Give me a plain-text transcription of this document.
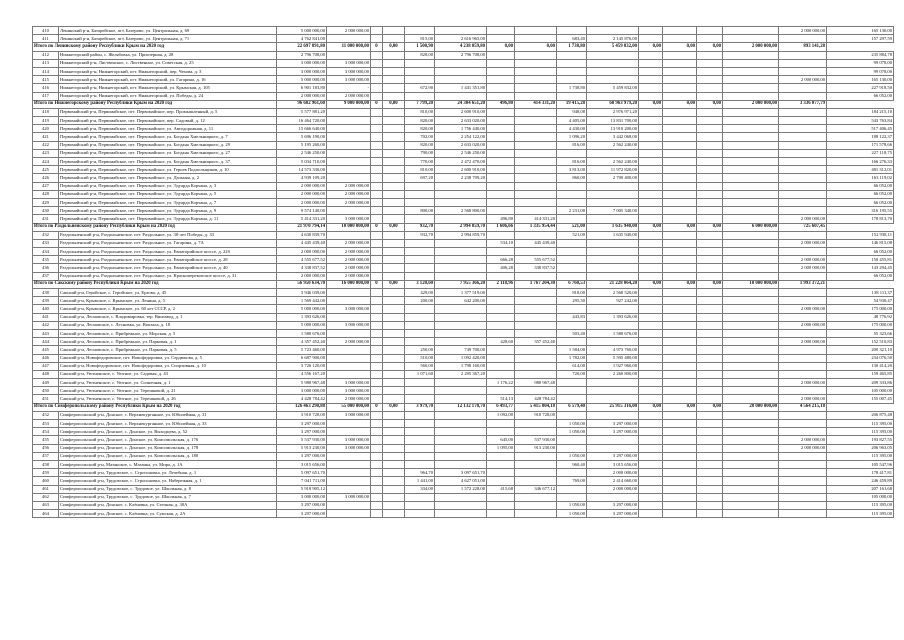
410	Ленинский р-н, Батарейское, пгт. Багерово, ул. Центральная, д. 69	5 000 000,00	2 000 000,00													2 000 000,00	165 130,00
411	Ленинский р-н, Батарейское, пгт. Багерово, ул. Центральная, д. 71	4 762 841,00				815,00	2 616 965,00			683,40	2 145 876,00						157 297,59
Итого по Ленинскому району Республики Крым на 2020 год		22 697 891,80	11 000 000,00	0	0,00	1 500,90	4 238 059,80	0,00	0,00	1 738,80	5 459 832,00	0,00	0,00	0,00	2 000 000,00	893 141,28	
412	Нижнегорский район, с. Желябовка, ул. Приозерная, д. 28	2 796 708,00				828,00	2 796 708,00										235 884,78
413	Нижнегорский р-н, Лиственское, с. Лиственное, ул. Советская, д. 25	3 000 000,00	3 000 000,00														99 078,00
414	Нижнегорский р-н, Нижнегорский, пгт. Нижнегорский, пер. Чехова, д. 3	3 000 000,00	3 000 000,00														99 078,00
415	Нижнегорский р-н, Нижнегорский, пгт. Нижнегорский, ул. Гагарина, д. 16	5 000 000,00	3 000 000,00													2 000 000,00	165 130,00
416	Нижнегорский р-н, Нижнегорский, пгт. Нижнегорский, ул. Крымская, д. 105	6 901 183,80	-			672,90	1 441 351,80			1 738,80	5 459 832,00						227 918,50
417	Нижнегорский р-н, Нижнегорский, пгт. Нижнегорский, ул. Победы, д. 24	2 000 000,00	2 000 000,00														66 052,00
Итого по Нижнегорскому району Республики Крым на 2020 год		96 682 961,60	9 000 000,00	0	0,00	7 799,20	24 304 651,20	496,80	414 331,20	19 415,28	60 963 979,20	0,00	0,00	0,00	2 000 000,00	3 336 077,79	
418	Первомайский р-н, Первомайское, пгт. Первомайское, пер. Промышленный, д. 5	5 577 881,20				810,00	2 600 910,00			948,08	2 976 971,20						184 215,10
419	Первомайский р-н, Первомайское, пгт. Первомайское, пер. Садовый, д. 12	16 464 720,00				820,00	2 633 020,00			4 405,00	13 831 700,00						543 763,84
420	Первомайский р-н, Первомайское, пгт. Первомайское, ул. Автодорожная, д. 11	15 666 640,00				820,00	1 756 440,00			4 430,00	13 910 200,00						517 406,45
421	Первомайский р-н, Первомайское, пгт. Первомайское, ул. Богдана Хмельницкого, д. 7	5 696 190,00				702,00	2 254 122,00			1 096,20	3 442 068,00						188 122,37
422	Первомайский р-н, Первомайское, пгт. Первомайское, ул. Богдана Хмельницкого, д. 29	5 195 260,00				820,00	2 633 020,00			816,00	2 562 240,00						171 578,66
423	Первомайский р-н, Первомайское, пгт. Первомайское, ул. Богдана Хмельницкого, д. 27	2 546 250,00				790,00	2 546 250,00										227 118,75
424	Первомайский р-н, Первомайское, пгт. Первомайское, ул. Богдана Хмельницкого, д. 37	5 034 710,00				770,00	2 472 470,00			816,00	2 562 240,00						166 276,33
425	Первомайский р-н, Первомайское, пгт. Первомайское, ул. Героев Подпольщиков, д. 10	14 573 330,00				810,00	2 600 910,00			3 813,00	11 972 820,00						481 312,01
426	Первомайский р-н, Первомайское, пгт. Первомайское, ул. Дальняя, д. 2	4 939 109,20				697,20	2 238 709,20			860,00	2 700 400,00						163 119,02
427	Первомайский р-н, Первомайское, пгт. Первомайское, ул. Эдуарда Корчана, д. 3	2 000 000,00	2 000 000,00														66 052,00
428	Первомайский р-н, Первомайское, пгт. Первомайское, ул. Эдуарда Корчана, д. 5	2 000 000,00	2 000 000,00														66 052,00
429	Первомайский р-н, Первомайское, пгт. Первомайское, ул. Эдуарда Корчана, д. 7	2 000 000,00	2 000 000,00														66 052,00
430	Первомайский р-н, Первомайское, пгт. Первомайское, ул. Эдуарда Корчана, д. 9	9 574 140,00				800,00	2 568 800,00			2 231,00	7 005 340,00						316 195,55
431	Первомайский р-н, Первомайское, пгт. Первомайское, ул. Эдуарда Корчана, д. 11	5 414 331,20	3 000 000,00					496,80	414 331,20							2 000 000,00	178 813,70
Итого по Раздольненскому району Республики Крым на 2020 год		21 970 794,14	10 000 000,00	0	0,00	932,70	2 994 859,70	1 606,66	1 335 954,44	521,00	1 635 940,00	0,00	0,00	0,00	6 000 000,00	725 607,45	
432	Раздольненский р-н, Раздольненское, пгт. Раздольное, ул. 30-лет Победы, д. 33	4 630 839,70				932,70	2 994 859,70			521,00	1 635 940,00						152 938,11
433	Раздольненский р-н, Раздольненское, пгт. Раздольное, ул. Гагарина, д. 7А	4 445 439,40	2 000 000,00					534,10	445 439,40							2 000 000,00	146 815,08
434	Раздольненский р-н, Раздольненское, пгт. Раздольное, ул. Евпаторийское шоссе, д. 22б	2 000 000,00	2 000 000,00														66 052,00
435	Раздольненский р-н, Раздольненское, пгт. Раздольное, ул. Евпаторийское шоссе, д. 28	4 555 677,52	2 000 000,00					666,28	555 677,52							2 000 000,00	150 455,81
436	Раздольненский р-н, Раздольненское, пгт. Раздольное, ул. Евпаторийское шоссе, д. 40	4 338 837,52	2 000 000,00					406,28	338 837,52							2 000 000,00	143 294,45
437	Раздольненский р-н, Раздольненское, пгт. Раздольное, ул. Красноперекопское шоссе, д. 31	2 000 000,00	2 000 000,00														66 052,00
Итого по Сакскому району Республики Крым на 2020 год		56 950 634,70	16 000 000,00	0	0,00	3 120,60	7 955 366,20	2 118,96	1 767 204,30	6 760,53	21 228 064,20	0,00	0,00	0,00	10 000 000,00	1 993 372,21	
438	Сакский р-н, Геройское, с. Геройское, ул. Ерзова, д. 45	3 946 039,00				429,00	1 377 519,00			818,00	2 568 520,00						138 111,37
439	Сакский р-н, Крымское, с. Крымское, ул. Ленина, д. 5	1 569 442,00				200,00	642 200,00			295,30	927 242,00						54 930,47
440	Сакский р-н, Крымское, с. Крымское, ул. 60 лет СССР, д. 2	5 000 000,00	3 000 000,00													2 000 000,00	175 000,00
441	Сакский р-н, Лесновское, с. Владимировка, тер. Винзавод, д. 1	1 393 626,00								443,83	1 393 626,00						48 776,92
442	Сакский р-н, Лесновское, с. Лесновка, ул. Вокзала, д. 18	5 000 000,00	3 000 000,00													2 000 000,00	175 000,00
443	Сакский р-н, Лесновское, с. Прибрежное, ул. Морская, д. 5	1 580 676,00								503,40	1 580 676,00						55 323,66
444	Сакский р-н, Лесновское, с. Прибрежное, ул. Парковая, д. 1	4 357 452,40	2 000 000,00					428,60	357 452,40							2 000 000,00	152 510,83
445	Сакский р-н, Лесновское, с. Прибрежное, ул. Парковая, д. 5	5 723 460,00				250,00	749 700,00			1 584,00	4 973 760,00						200 321,10
446	Сакский р-н, Новофедоровское, пгт. Новофедоровка, ул. Сердюкова, д. 5	6 687 900,00				510,00	1 092 420,00			1 782,00	5 595 480,00						234 076,50
447	Сакский р-н, Новофедоровское, пгт. Новофедоровка, ул. Спортивная, д. 10	3 726 120,00				560,00	1 798 160,00			614,00	1 927 960,00						130 414,20
448	Сакский р-н, Уютненское, с. Уютное, ул. Садовая, д. 43	4 556 167,20				1 071,60	2 295 367,20			720,00	2 260 800,00						159 465,85
449	Сакский р-н, Уютненское, с. Уютное, ул. Солнечная, д. 1	5 980 967,48	3 000 000,00					1 176,22	980 967,48							2 000 000,00	209 333,86
450	Сакский р-н, Уютненское, с. Уютное, ул. Терешковой, д. 21	3 000 000,00	3 000 000,00														105 000,00
451	Сакский р-н, Уютненское, с. Уютное, ул. Терешковой, д. 26	4 428 784,42	2 000 000,00					514,13	428 784,42							2 000 000,00	155 007,45
Итого по Симферопольскому району Республики Крым на 2020 год		126 463 290,88	55 000 000,00	0	0,00	3 979,70	12 132 170,70	6 493,77	5 415 804,18	6 579,40	25 915 316,00	0,00	0,00	0,00	28 000 000,00	4 564 215,18	
452	Симферопольский р-н, Донское, с. Верхнекурганное, ул. Юбилейная, д. 31	3 910 728,00	3 000 000,00					1 092,00	910 728,00								206 875,48
453	Симферопольский р-н, Донское, с. Верхнекурганное, ул. Юбилейная, д. 33	3 297 000,00								1 050,00	3 297 000,00						115 395,00
454	Симферопольский р-н, Донское, с. Донское, ул. Выходцева, д. 52	3 297 000,00								1 050,00	3 297 000,00						115 395,00
455	Симферопольский р-н, Донское, с. Донское, ул. Комсомольская, д. 176	5 537 930,00	3 000 000,00					645,00	537 930,00							2 000 000,00	193 827,55
456	Симферопольский р-н, Донское, с. Донское, ул. Комсомольская, д. 178	5 913 230,00	3 000 000,00					1 095,00	913 230,00							2 000 000,00	206 963,05
457	Симферопольский р-н, Донское, с. Донское, ул. Комсомольская, д. 180	3 297 000,00								1 050,00	3 297 000,00						115 395,00
458	Симферопольский р-н, Мазанское, с. Мазанка, ул. Мира, д. 1А	3 015 656,00								960,40	3 015 656,00						105 547,96
459	Симферопольский р-н, Трудовское, с. Строгоновка, ул. Лечебная, д. 1	5 097 651,70				964,70	3 097 651,70				2 000 000,00						178 417,81
460	Симферопольский р-н, Трудовское, с. Строгоновка, ул. Набережная, д. 1	7 041 711,00				1 441,00	4 627 051,00			769,00	2 414 660,00						246 459,89
461	Симферопольский р-н, Трудовское, с. Трудовое, ул. Школьная, д. 8	5 918 905,12				334,00	1 572 228,00	415,68	346 677,12		2 000 000,00						207 161,68
462	Симферопольский р-н, Трудовское, с. Трудовое, ул. Школьная, д. 7	3 000 000,00	3 000 000,00														105 000,00
463	Симферопольский р-н, Донское, с. Клёновка, ул. Степная, д. 30А	3 297 000,00								1 050,00	3 297 000,00						115 395,00
464	Симферопольский р-н, Донское, с. Клёновка, ул. Сумская, д. 2А	3 297 000,00								1 050,00	3 297 000,00						115 395,00
